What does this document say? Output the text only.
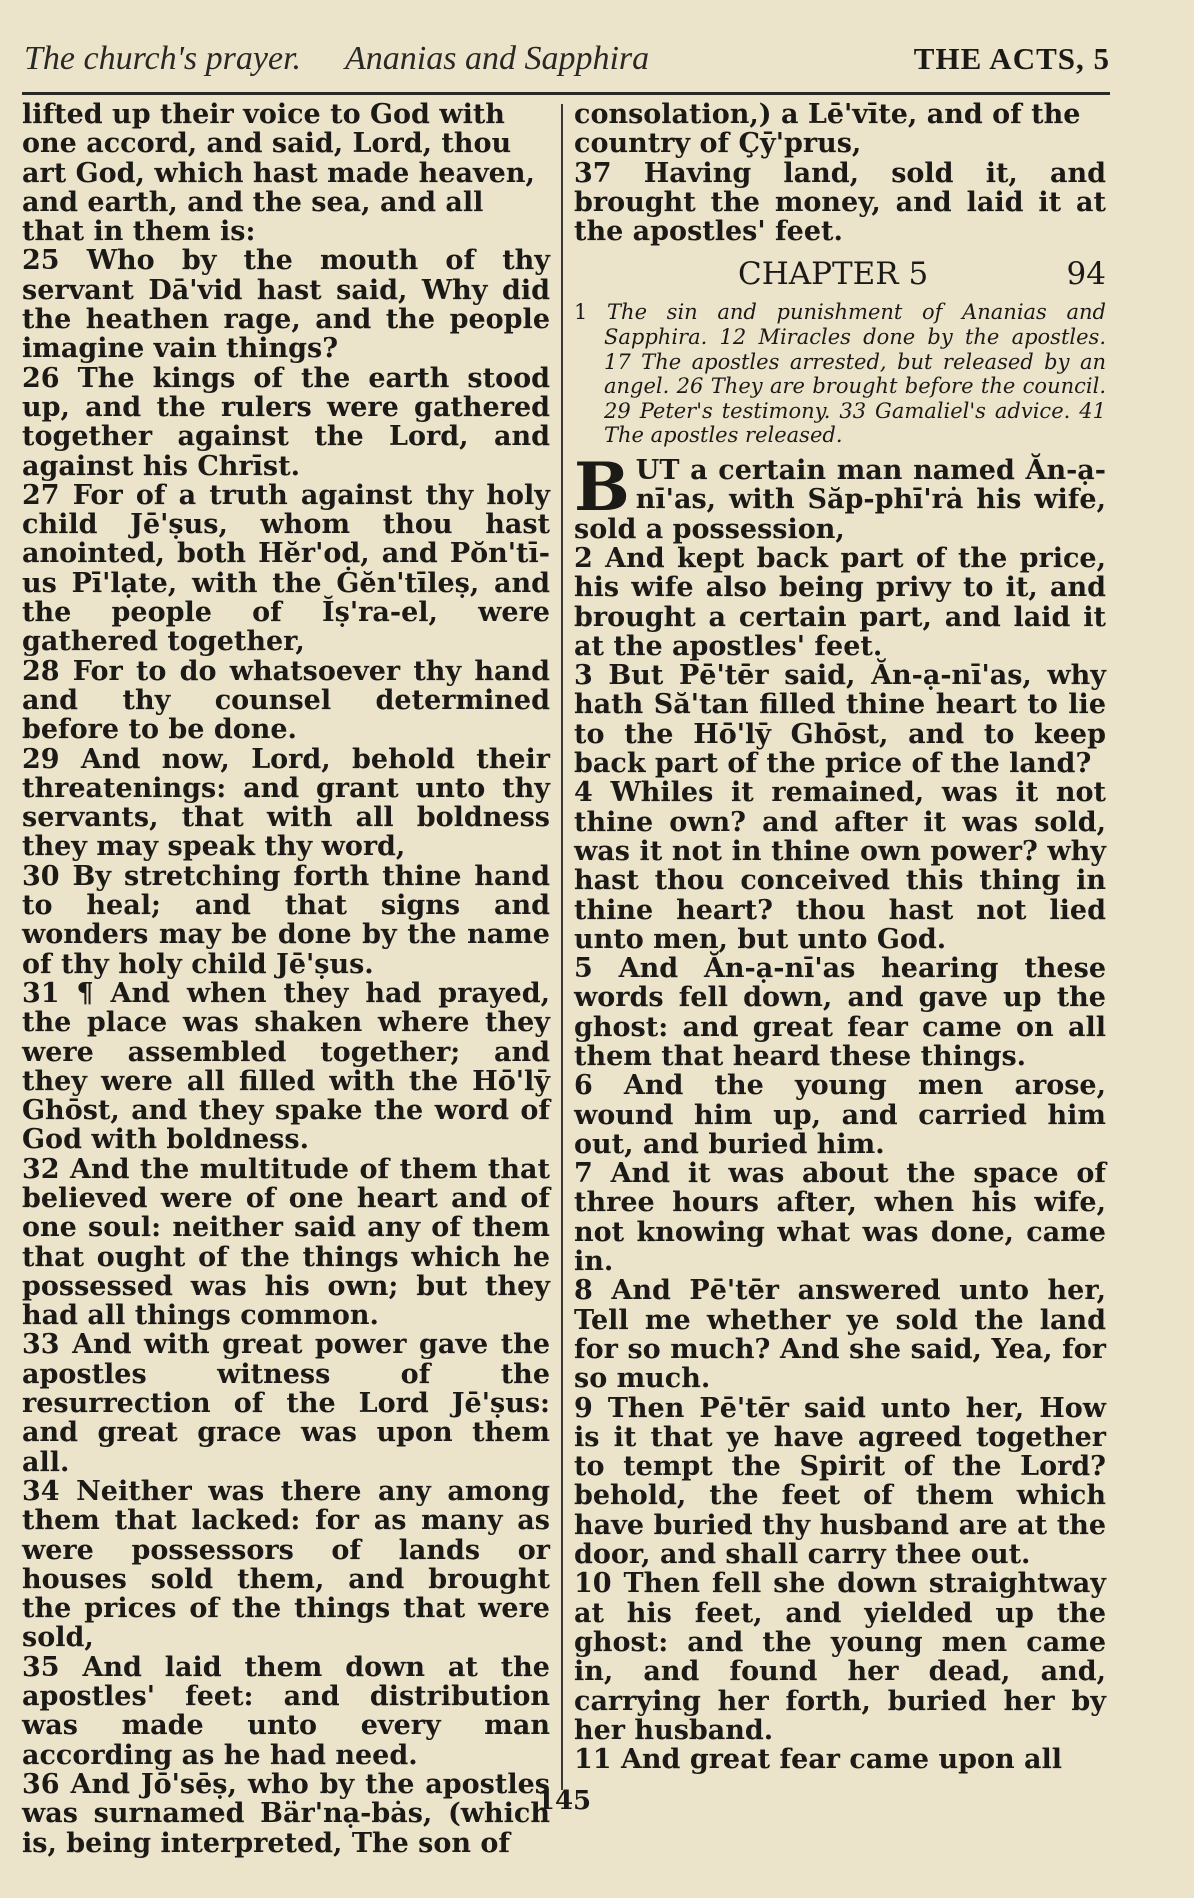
The church's prayer. Ananias and Sapphira	THE ACTS, 5

lifted up their voice to God with one accord, and said, Lord, thou art God, which hast made heaven, and earth, and the sea, and all that in them is:

25 Who by the mouth of thy servant Dā'vid hast said, Why did the heathen rage, and the people imagine vain things?

26 The kings of the earth stood up, and the rulers were gathered together against the Lord, and against his Chrīst.

27 For of a truth against thy holy child Jē'ṣus, whom thou hast anointed, both Hĕr'od, and Pŏn'tī-us Pī'lạte, with the Ġĕn'tīleṣ, and the people of Ĭṣ'ra-el, were gathered together,

28 For to do whatsoever thy hand and thy counsel determined before to be done.

29 And now, Lord, behold their threatenings: and grant unto thy servants, that with all boldness they may speak thy word,

30 By stretching forth thine hand to heal; and that signs and wonders may be done by the name of thy holy child Jē'ṣus.

31 ¶ And when they had prayed, the place was shaken where they were assembled together; and they were all filled with the Hō'lȳ Ghōst, and they spake the word of God with boldness.

32 And the multitude of them that believed were of one heart and of one soul: neither said any of them that ought of the things which he possessed was his own; but they had all things common.

33 And with great power gave the apostles witness of the resurrection of the Lord Jē'ṣus: and great grace was upon them all.

34 Neither was there any among them that lacked: for as many as were possessors of lands or houses sold them, and brought the prices of the things that were sold,

35 And laid them down at the apostles' feet: and distribution was made unto every man according as he had need.

36 And Jō'sēṣ, who by the apostles was surnamed Bär'nạ-bȧs, (which is, being interpreted, The son of

consolation,) a Lē'vīte, and of the country of Çȳ'prus,

37 Having land, sold it, and brought the money, and laid it at the apostles' feet.

CHAPTER 5	94

1 The sin and punishment of Ananias and Sapphira. 12 Miracles done by the apostles. 17 The apostles arrested, but released by an angel. 26 They are brought before the council. 29 Peter's testimony. 33 Gamaliel's advice. 41 The apostles released.

BUT a certain man named Ăn-ạ-nī'as, with Săp-phī'rȧ his wife, sold a possession,

2 And kept back part of the price, his wife also being privy to it, and brought a certain part, and laid it at the apostles' feet.

3 But Pē'tēr said, Ăn-ạ-nī'as, why hath Să'tan filled thine heart to lie to the Hō'lȳ Ghōst, and to keep back part of the price of the land?

4 Whiles it remained, was it not thine own? and after it was sold, was it not in thine own power? why hast thou conceived this thing in thine heart? thou hast not lied unto men, but unto God.

5 And Ăn-ạ-nī'as hearing these words fell down, and gave up the ghost: and great fear came on all them that heard these things.

6 And the young men arose, wound him up, and carried him out, and buried him.

7 And it was about the space of three hours after, when his wife, not knowing what was done, came in.

8 And Pē'tēr answered unto her, Tell me whether ye sold the land for so much? And she said, Yea, for so much.

9 Then Pē'tēr said unto her, How is it that ye have agreed together to tempt the Spirit of the Lord? behold, the feet of them which have buried thy husband are at the door, and shall carry thee out.

10 Then fell she down straightway at his feet, and yielded up the ghost: and the young men came in, and found her dead, and, carrying her forth, buried her by her husband.

11 And great fear came upon all

145
